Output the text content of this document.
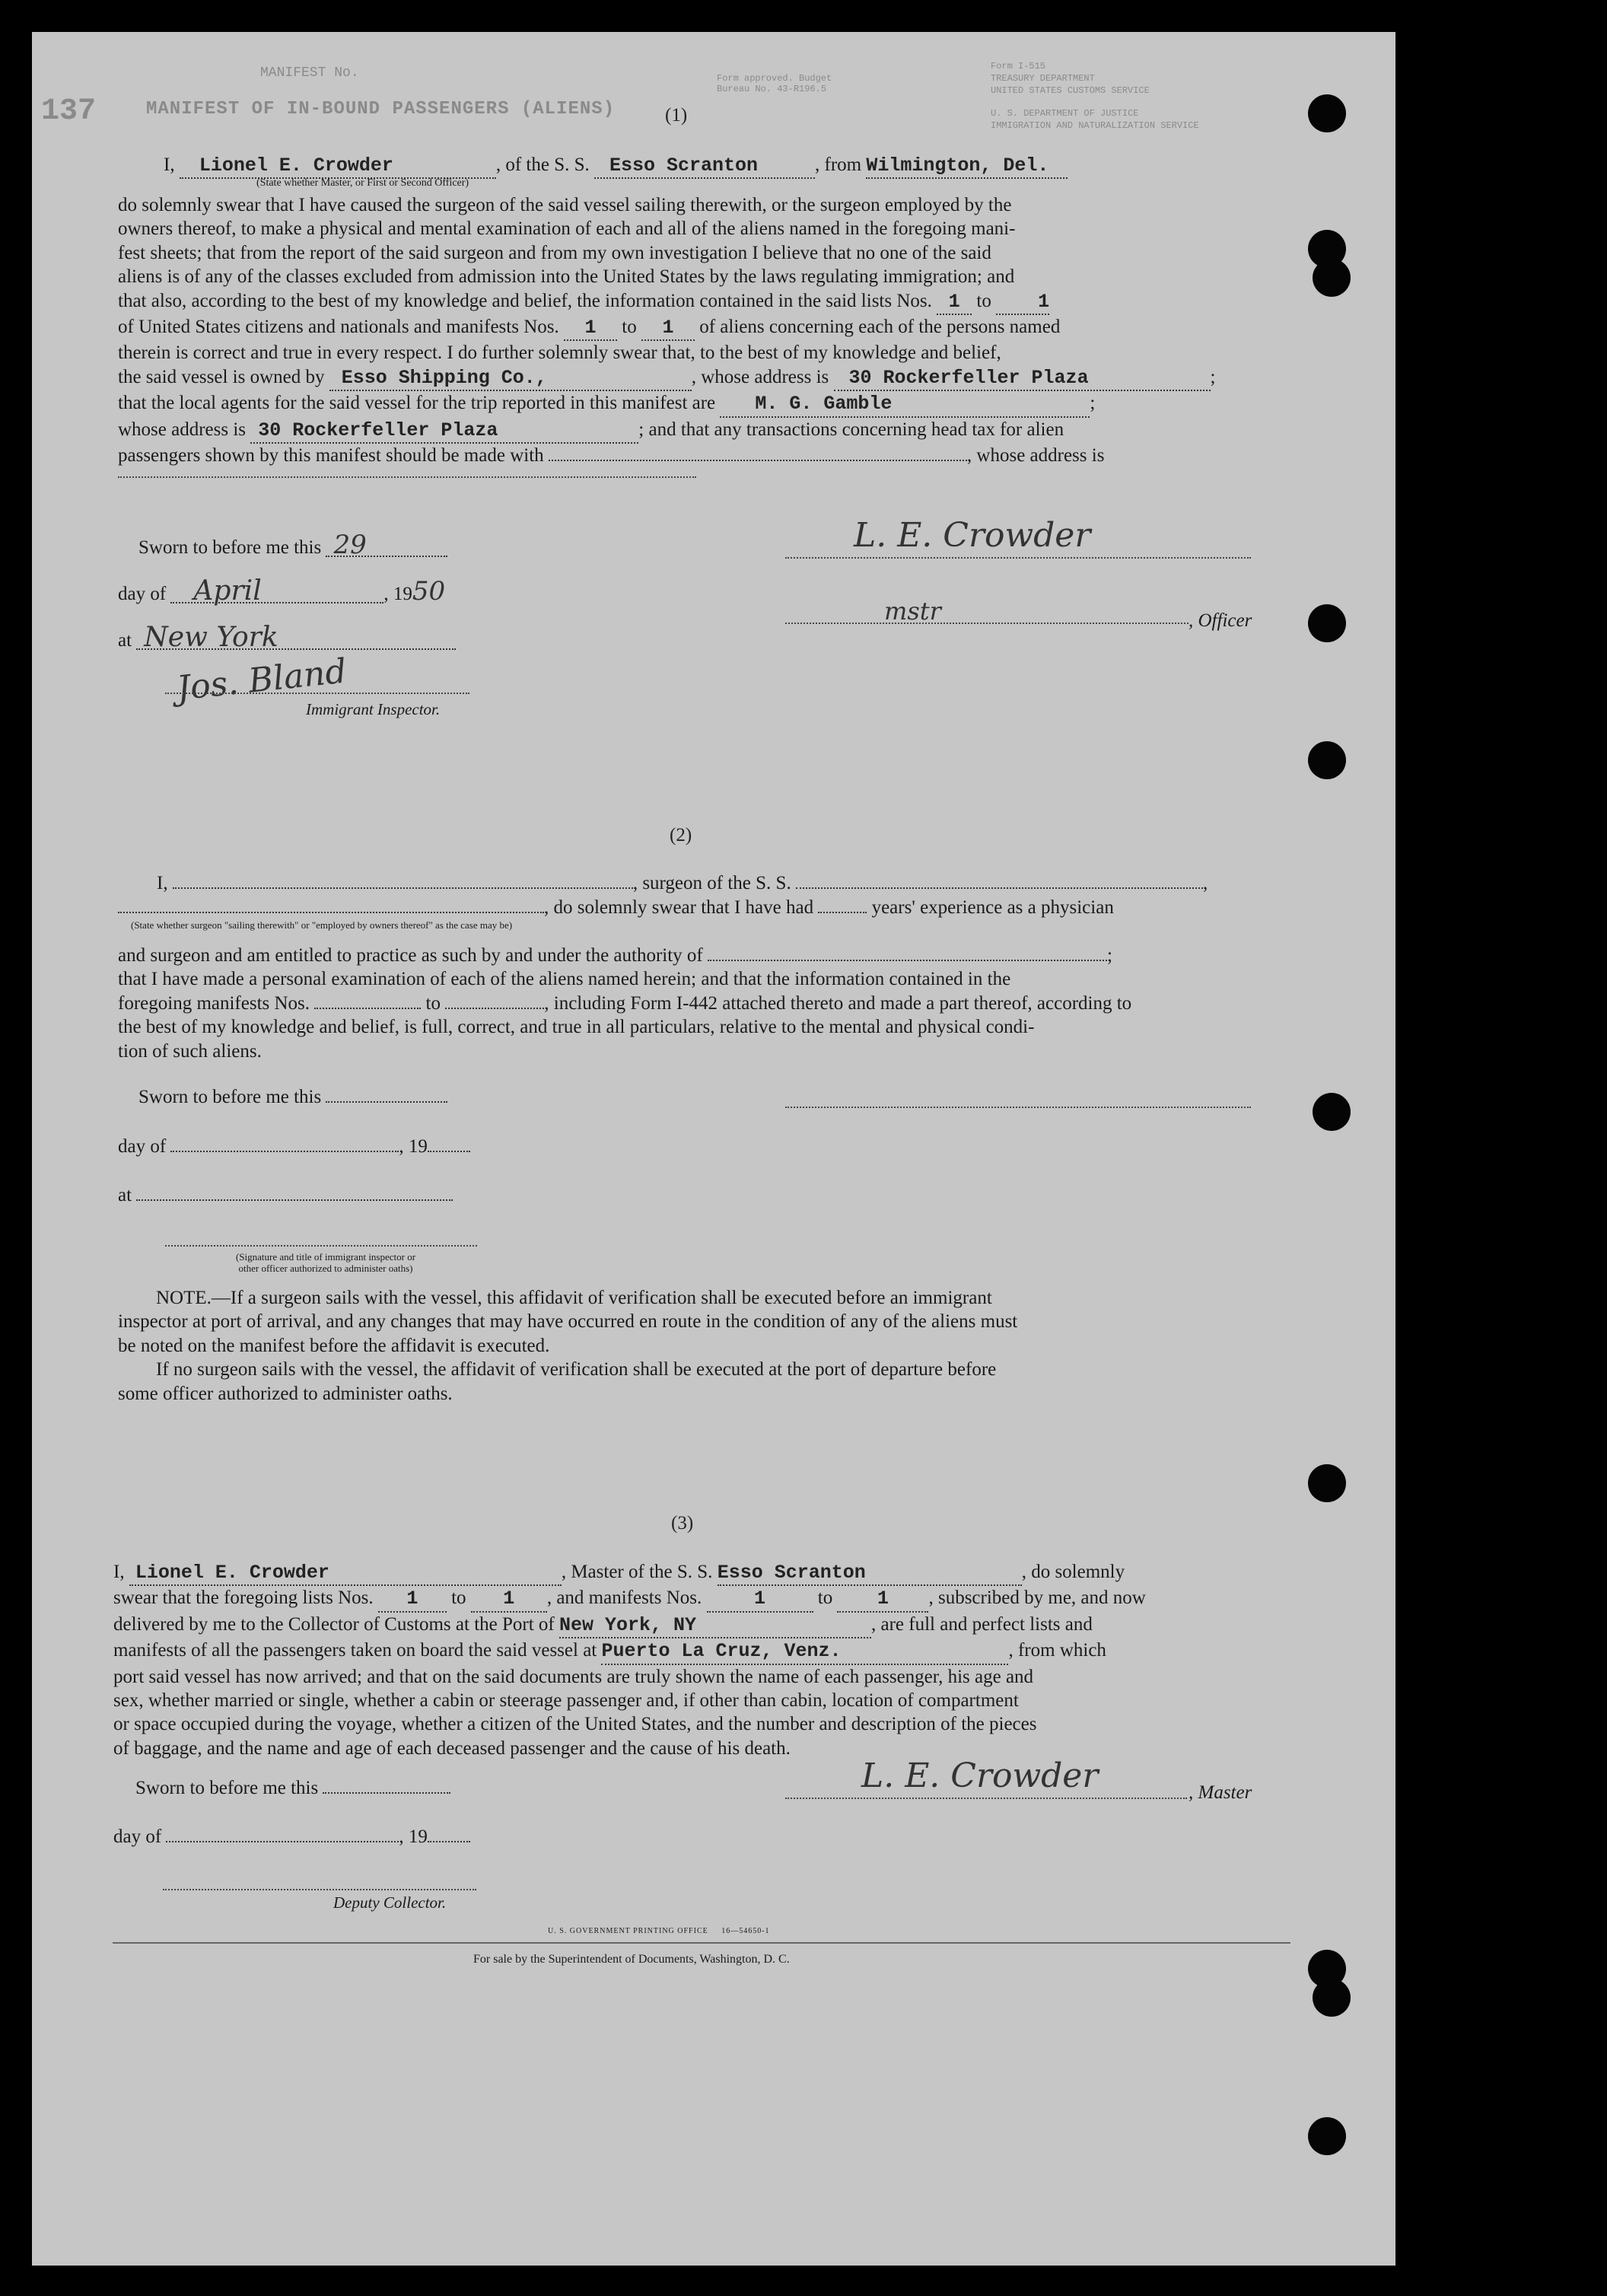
137
MANIFEST No.
MANIFEST OF IN-BOUND PASSENGERS (ALIENS)
Form approved. Budget Bureau No. 43-R196.5
Form I-515
TREASURY DEPARTMENT
UNITED STATES CUSTOMS SERVICE
U. S. DEPARTMENT OF JUSTICE
IMMIGRATION AND NATURALIZATION SERVICE
(1)
I, Lionel E. Crowder	, of the S. S. Esso Scranton	, from Wilmington, Del.
(State whether Master, or First or Second Officer)
do solemnly swear that I have caused the surgeon of the said vessel sailing therewith, or the surgeon employed by the
owners thereof, to make a physical and mental examination of each and all of the aliens named in the foregoing mani-
fest sheets; that from the report of the said surgeon and from my own investigation I believe that no one of the said
aliens is of any of the classes excluded from admission into the United States by the laws regulating immigration; and
that also, according to the best of my knowledge and belief, the information contained in the said lists Nos. 1 to 1
of United States citizens and nationals and manifests Nos. 1 to 1 of aliens concerning each of the persons named
therein is correct and true in every respect. I do further solemnly swear that, to the best of my knowledge and belief,
the said vessel is owned by Esso Shipping Co.,	, whose address is 30 Rockerfeller Plaza	;
that the local agents for the said vessel for the trip reported in this manifest are M. G. Gamble	;
whose address is 30 Rockerfeller Plaza	; and that any transactions concerning head tax for alien
passengers shown by this manifest should be made with	, whose address is
Sworn to before me this 29
day of April	, 1950
at New York
Jos. Bland
Immigrant Inspector.
L. E. Crowder
mstr	, Officer
(2)
I,	, surgeon of the S. S.	,
, do solemnly swear that I have had	years' experience as a physician
(State whether surgeon "sailing therewith" or "employed by owners thereof" as the case may be)
and surgeon and am entitled to practice as such by and under the authority of	;
that I have made a personal examination of each of the aliens named herein; and that the information contained in the
foregoing manifests Nos.	to	, including Form I-442 attached thereto and made a part thereof, according to
the best of my knowledge and belief, is full, correct, and true in all particulars, relative to the mental and physical condi-
tion of such aliens.
Sworn to before me this
day of	, 19
at
(Signature and title of immigrant inspector or
other officer authorized to administer oaths)
NOTE.—If a surgeon sails with the vessel, this affidavit of verification shall be executed before an immigrant
inspector at port of arrival, and any changes that may have occurred en route in the condition of any of the aliens must
be noted on the manifest before the affidavit is executed.
If no surgeon sails with the vessel, the affidavit of verification shall be executed at the port of departure before
some officer authorized to administer oaths.
(3)
I, Lionel E. Crowder	, Master of the S. S. Esso Scranton	, do solemnly
swear that the foregoing lists Nos. 1 to 1 , and manifests Nos.	1	to 1 , subscribed by me, and now
delivered by me to the Collector of Customs at the Port of New York, NY	, are full and perfect lists and
manifests of all the passengers taken on board the said vessel at Puerto La Cruz, Venz.	, from which
port said vessel has now arrived; and that on the said documents are truly shown the name of each passenger, his age and
sex, whether married or single, whether a cabin or steerage passenger and, if other than cabin, location of compartment
or space occupied during the voyage, whether a citizen of the United States, and the number and description of the pieces
of baggage, and the name and age of each deceased passenger and the cause of his death.
Sworn to before me this	L. E. Crowder	, Master
day of	, 19
Deputy Collector.
U. S. GOVERNMENT PRINTING OFFICE     16—54650-1
For sale by the Superintendent of Documents, Washington, D. C.
